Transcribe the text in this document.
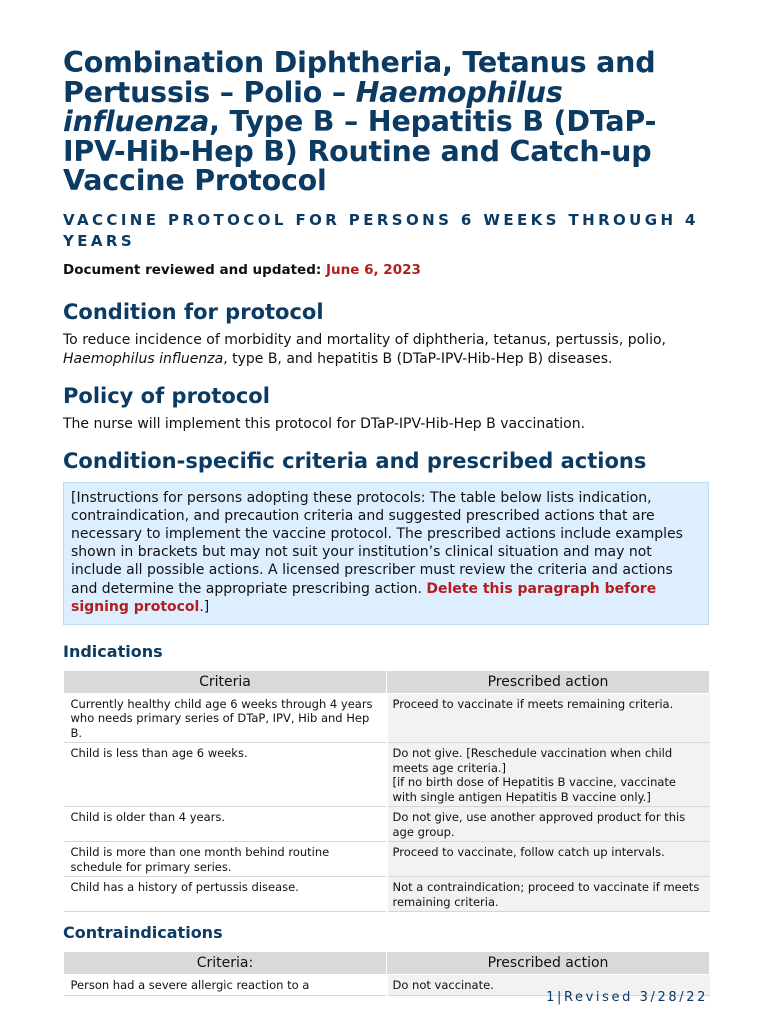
Combination Diphtheria, Tetanus and Pertussis – Polio – Haemophilus influenza, Type B – Hepatitis B (DTaP-IPV-Hib-Hep B) Routine and Catch-up Vaccine Protocol
VACCINE PROTOCOL FOR PERSONS 6 WEEKS THROUGH 4 YEARS
Document reviewed and updated: June 6, 2023
Condition for protocol

To reduce incidence of morbidity and mortality of diphtheria, tetanus, pertussis, polio, Haemophilus influenza, type B, and hepatitis B (DTaP-IPV-Hib-Hep B) diseases.

Policy of protocol

The nurse will implement this protocol for DTaP-IPV-Hib-Hep B vaccination.

Condition-specific criteria and prescribed actions
[Instructions for persons adopting these protocols: The table below lists indication, contraindication, and precaution criteria and suggested prescribed actions that are necessary to implement the vaccine protocol. The prescribed actions include examples shown in brackets but may not suit your institution’s clinical situation and may not include all possible actions. A licensed prescriber must review the criteria and actions and determine the appropriate prescribing action. Delete this paragraph before signing protocol.]
Indications
Criteria	Prescribed action
Currently healthy child age 6 weeks through 4 years who needs primary series of DTaP, IPV, Hib and Hep B.	Proceed to vaccinate if meets remaining criteria.
Child is less than age 6 weeks.	Do not give. [Reschedule vaccination when child meets age criteria.]
[if no birth dose of Hepatitis B vaccine, vaccinate with single antigen Hepatitis B vaccine only.]

Child is older than 4 years.	Do not give, use another approved product for this age group.
Child is more than one month behind routine schedule for primary series.	Proceed to vaccinate, follow catch up intervals.
Child has a history of pertussis disease.	Not a contraindication; proceed to vaccinate if meets remaining criteria.
Contraindications
Criteria:	Prescribed action
Person had a severe allergic reaction to a	Do not vaccinate.
1|Revised 3/28/22
